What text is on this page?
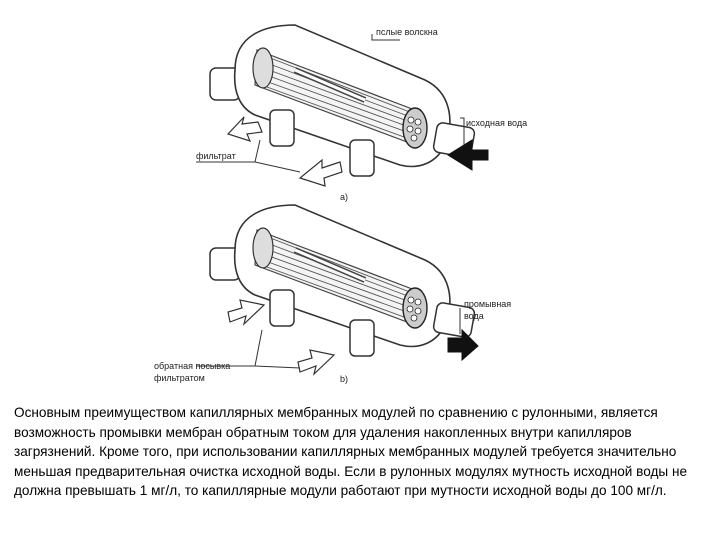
пслые волскна
исходная вода
фильтрат
a)
промывная
вода
обратная посывка
фильтратом	b)

Основным преимуществом капиллярных мембранных модулей по сравнению с рулонными, является возможность промывки мембран обратным током для удаления накопленных внутри капилляров загрязнений. Кроме того, при использовании капиллярных мембранных модулей требуется значительно меньшая предварительная очистка исходной воды. Если в рулонных модулях мутность исходной воды не должна превышать 1 мг/л, то капиллярные модули работают при мутности исходной воды до 100 мг/л.
